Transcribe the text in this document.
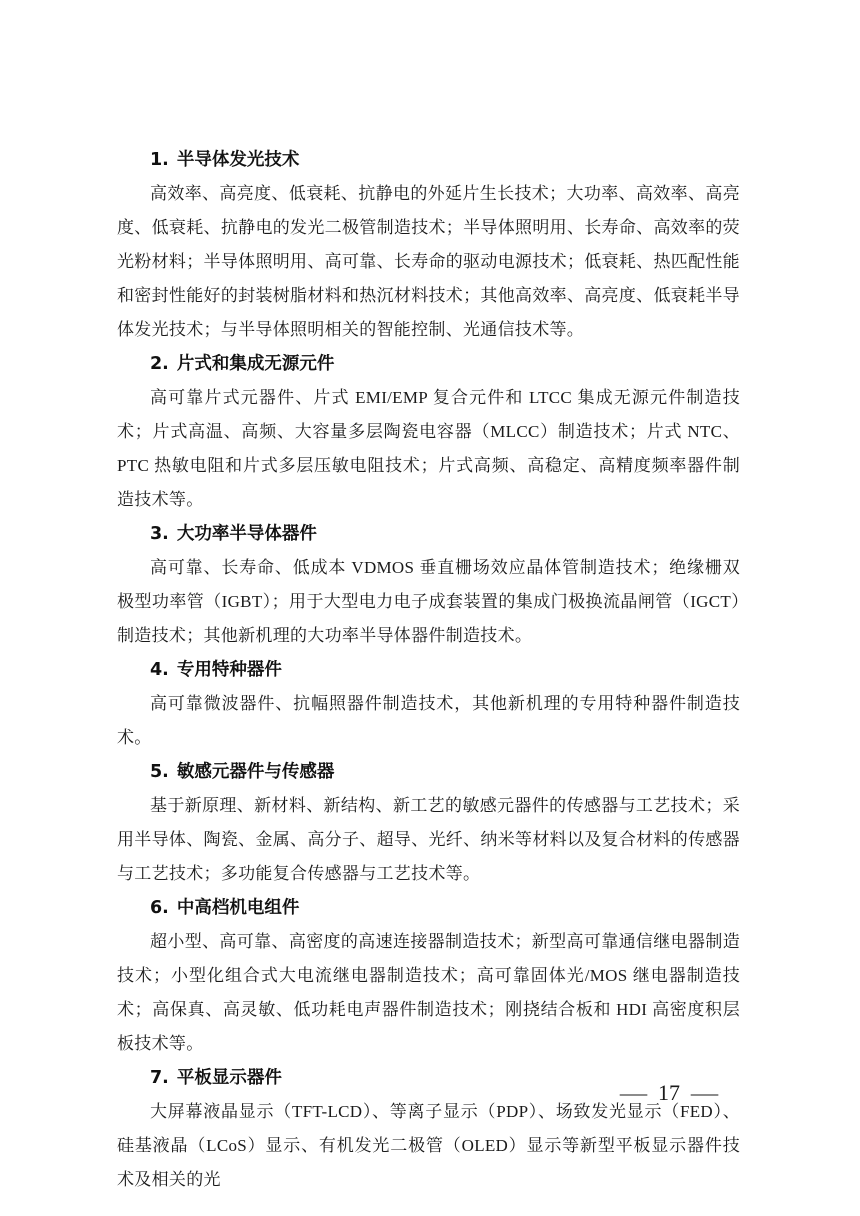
1. 半导体发光技术

高效率、高亮度、低衰耗、抗静电的外延片生长技术；大功率、高效率、高亮度、低衰耗、抗静电的发光二极管制造技术；半导体照明用、长寿命、高效率的荧光粉材料；半导体照明用、高可靠、长寿命的驱动电源技术；低衰耗、热匹配性能和密封性能好的封装树脂材料和热沉材料技术；其他高效率、高亮度、低衰耗半导体发光技术；与半导体照明相关的智能控制、光通信技术等。

2. 片式和集成无源元件

高可靠片式元器件、片式 EMI/EMP 复合元件和 LTCC 集成无源元件制造技术；片式高温、高频、大容量多层陶瓷电容器（MLCC）制造技术；片式 NTC、PTC 热敏电阻和片式多层压敏电阻技术；片式高频、高稳定、高精度频率器件制造技术等。

3. 大功率半导体器件

高可靠、长寿命、低成本 VDMOS 垂直栅场效应晶体管制造技术；绝缘栅双极型功率管（IGBT）；用于大型电力电子成套装置的集成门极换流晶闸管（IGCT）制造技术；其他新机理的大功率半导体器件制造技术。

4. 专用特种器件

高可靠微波器件、抗幅照器件制造技术，其他新机理的专用特种器件制造技术。

5. 敏感元器件与传感器

基于新原理、新材料、新结构、新工艺的敏感元器件的传感器与工艺技术；采用半导体、陶瓷、金属、高分子、超导、光纤、纳米等材料以及复合材料的传感器与工艺技术；多功能复合传感器与工艺技术等。

6. 中高档机电组件

超小型、高可靠、高密度的高速连接器制造技术；新型高可靠通信继电器制造技术；小型化组合式大电流继电器制造技术；高可靠固体光/MOS 继电器制造技术；高保真、高灵敏、低功耗电声器件制造技术；刚挠结合板和 HDI 高密度积层板技术等。

7. 平板显示器件

大屏幕液晶显示（TFT-LCD）、等离子显示（PDP）、场致发光显示（FED）、硅基液晶（LCoS）显示、有机发光二极管（OLED）显示等新型平板显示器件技术及相关的光

— 17 —
